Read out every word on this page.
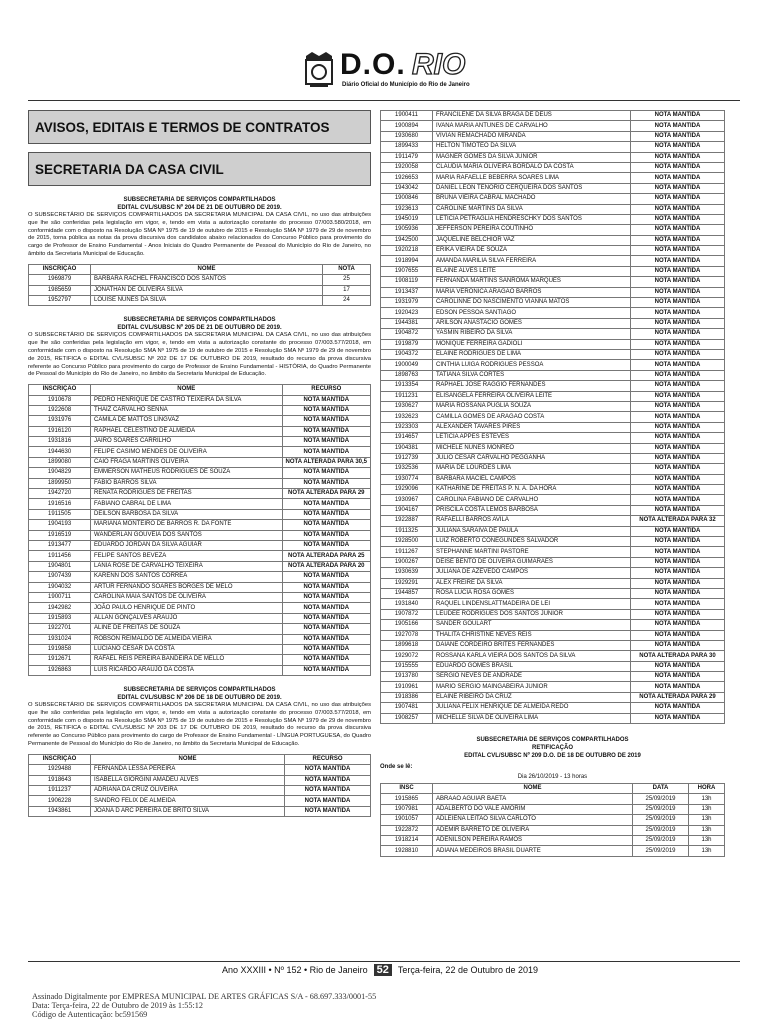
D.O. RIO
Diário Oficial do Município do Rio de Janeiro
AVISOS, EDITAIS E TERMOS DE CONTRATOS
SECRETARIA DA CASA CIVIL
SUBSECRETARIA DE SERVIÇOS COMPARTILHADOS
EDITAL CVL/SUBSC Nº 204 DE 21 DE OUTUBRO DE 2019.
O SUBSECRETÁRIO DE SERVIÇOS COMPARTILHADOS DA SECRETARIA MUNICIPAL DA CASA CIVIL, no uso das atribuições que lhe são conferidas pela legislação em vigor, e, tendo em vista a autorização constante do processo 07/003.580/2018, em conformidade com o disposto na Resolução SMA Nº 1975 de 19 de outubro de 2015 e Resolução SMA Nº 1979 de 29 de novembro de 2015, torna pública as notas da prova discursiva dos candidatos abaixo relacionados do Concurso Público para provimento do cargo de Professor de Ensino Fundamental - Anos Iniciais do Quadro Permanente de Pessoal do Município do Rio de Janeiro, no âmbito da Secretaria Municipal de Educação.
INSCRIÇÃO	NOME	NOTA
1969879	BARBARA RACHEL FRANCISCO DOS SANTOS	25
1985659	JONATHAN DE OLIVEIRA SILVA	17
1952797	LOUISE NUNES DA SILVA	24
SUBSECRETARIA DE SERVIÇOS COMPARTILHADOS
EDITAL CVL/SUBSC Nº 205 DE 21 DE OUTUBRO DE 2019.
O SUBSECRETÁRIO DE SERVIÇOS COMPARTILHADOS DA SECRETARIA MUNICIPAL DA CASA CIVIL, no uso das atribuições que lhe são conferidas pela legislação em vigor, e, tendo em vista a autorização constante do processo 07/003.577/2018, em conformidade com o disposto na Resolução SMA Nº 1975 de 19 de outubro de 2015 e Resolução SMA Nº 1979 de 29 de novembro de 2015, RETIFICA o EDITAL CVL/SUBSC Nº 202 DE 17 DE OUTUBRO DE 2019, resultado do recurso da prova discursiva referente ao Concurso Público para provimento do cargo de Professor de Ensino Fundamental - HISTÓRIA, do Quadro Permanente de Pessoal do Município do Rio de Janeiro, no âmbito da Secretaria Municipal de Educação.
INSCRIÇÃO	NOME	RECURSO
1910678	PEDRO HENRIQUE DE CASTRO TEIXEIRA DA SILVA	NOTA MANTIDA
1922608	THAIZ CARVALHO SENNA	NOTA MANTIDA
1931976	CAMILA DE MATTOS LINGVAZ	NOTA MANTIDA
1916120	RAPHAEL CELESTINO DE ALMEIDA	NOTA MANTIDA
1931816	JAIRO SOARES CARRILHO	NOTA MANTIDA
1944630	FELIPE CASIMO MENDES DE OLIVEIRA	NOTA MANTIDA
1899080	CAIO FRAGA MARTINS OLIVEIRA	NOTA ALTERADA PARA 30,5
1904829	EMMERSON MATHEUS RODRIGUES DE SOUZA	NOTA MANTIDA
1899950	FABIO BARROS SILVA	NOTA MANTIDA
1942720	RENATA RODRIGUES DE FREITAS	NOTA ALTERADA PARA 29
1916516	FABIANO CABRAL DE LIMA	NOTA MANTIDA
1911505	DEILSON BARBOSA DA SILVA	NOTA MANTIDA
1904193	MARIANA MONTEIRO DE BARROS R. DA FONTE	NOTA MANTIDA
1916519	WANDERLAN GOUVEIA DOS SANTOS	NOTA MANTIDA
1913477	EDUARDO JORDAN DA SILVA AGUIAR	NOTA MANTIDA
1911456	FELIPE SANTOS BEVEZA	NOTA ALTERADA PARA 25
1904801	LANIA ROSE DE CARVALHO TEIXEIRA	NOTA ALTERADA PARA 20
1907439	KARENN DOS SANTOS CORREA	NOTA MANTIDA
1904032	ARTUR FERNANDO SOARES BORGES DE MELO	NOTA MANTIDA
1900711	CAROLINA MAIA SANTOS DE OLIVEIRA	NOTA MANTIDA
1942982	JOÃO PAULO HENRIQUE DE PINTO	NOTA MANTIDA
1915893	ALLAN GONÇALVES ARAUJO	NOTA MANTIDA
1922701	ALINE DE FREITAS DE SOUZA	NOTA MANTIDA
1931024	ROBSON REIMALDO DE ALMEIDA VIEIRA	NOTA MANTIDA
1919858	LUCIANO CESAR DA COSTA	NOTA MANTIDA
1912671	RAFAEL REIS PEREIRA BANDEIRA DE MELLO	NOTA MANTIDA
1926863	LUIS RICARDO ARAUJO DA COSTA	NOTA MANTIDA
SUBSECRETARIA DE SERVIÇOS COMPARTILHADOS
EDITAL CVL/SUBSC Nº 206 DE 18 DE OUTUBRO DE 2019.
O SUBSECRETÁRIO DE SERVIÇOS COMPARTILHADOS DA SECRETARIA MUNICIPAL DA CASA CIVIL, no uso das atribuições que lhe são conferidas pela legislação em vigor, e, tendo em vista a autorização constante do processo 07/003.577/2018, em conformidade com o disposto na Resolução SMA Nº 1975 de 19 de outubro de 2015 e Resolução SMA Nº 1979 de 29 de novembro de 2015, RETIFICA o EDITAL CVL/SUBSC Nº 203 DE 17 DE OUTUBRO DE 2019, resultado do recurso da prova discursiva referente ao Concurso Público para provimento do cargo de Professor de Ensino Fundamental - LÍNGUA PORTUGUESA, do Quadro Permanente de Pessoal do Município do Rio de Janeiro, no âmbito da Secretaria Municipal de Educação.
INSCRIÇÃO	NOME	RECURSO
1929488	FERNANDA LESSA PEREIRA	NOTA MANTIDA
1918643	ISABELLA GIORGINI AMADEU ALVES	NOTA MANTIDA
1911237	ADRIANA DA CRUZ OLIVEIRA	NOTA MANTIDA
1906228	SANDRO FELIX DE ALMEIDA	NOTA MANTIDA
1943861	JOANA D ARC PEREIRA DE BRITO SILVA	NOTA MANTIDA
1900411	FRANCILENE DA SILVA BRAGA DE DEUS	NOTA MANTIDA
1900894	IVANA MARIA ANTUNES DE CARVALHO	NOTA MANTIDA
1930680	VIVIAN REMACHADO MIRANDA	NOTA MANTIDA
1899433	HELTON TIMOTEO DA SILVA	NOTA MANTIDA
1911479	MAGNER GOMES DA SILVA JUNIOR	NOTA MANTIDA
1920058	CLAUDIA MARIA OLIVEIRA BORDALO DA COSTA	NOTA MANTIDA
1926653	MARIA RAFAELLE BEBERRA SOARES LIMA	NOTA MANTIDA
1943042	DANIEL LEON TENORIO CERQUEIRA DOS SANTOS	NOTA MANTIDA
1900846	BRUNA VIEIRA CABRAL MACHADO	NOTA MANTIDA
1923613	CAROLINE MARTINS DA SILVA	NOTA MANTIDA
1945019	LETICIA PETRAGLIA HENDRESCHKY DOS SANTOS	NOTA MANTIDA
1905936	JEFFERSON PEREIRA COUTINHO	NOTA MANTIDA
1942500	JAQUELINE BELCHIOR VAZ	NOTA MANTIDA
1920218	ERIKA VIEIRA DE SOUZA	NOTA MANTIDA
1918994	AMANDA MARILIA SILVA FERREIRA	NOTA MANTIDA
1907655	ELAINE ALVES LEITE	NOTA MANTIDA
1908119	FERNANDA MARTINS SANROMA MARQUES	NOTA MANTIDA
1913437	MARIA VERONICA ARAGAO BARROS	NOTA MANTIDA
1931979	CAROLINNE DO NASCIMENTO VIANNA MATOS	NOTA MANTIDA
1920423	EDSON PESSOA SANTIAGO	NOTA MANTIDA
1944381	ARILSON ANASTACIO GOMES	NOTA MANTIDA
1904872	YASMIN RIBEIRO DA SILVA	NOTA MANTIDA
1919879	MONIQUE FERREIRA GADIOLI	NOTA MANTIDA
1904372	ELAINE RODRIGUES DE LIMA	NOTA MANTIDA
1900049	CINTHIA LUIGA RODRIGUES PESSOA	NOTA MANTIDA
1898763	TATIANA SILVA CORTES	NOTA MANTIDA
1913354	RAPHAEL JOSE RAGGIO FERNANDES	NOTA MANTIDA
1911231	ELISANGELA FERREIRA OLIVEIRA LEITE	NOTA MANTIDA
1930627	MARIA ROSSANA PUGLIA SOUZA	NOTA MANTIDA
1932623	CAMILLA GOMES DE ARAGAO COSTA	NOTA MANTIDA
1923303	ALEXANDER TAVARES PIRES	NOTA MANTIDA
1914657	LETICIA APPES ESTEVES	NOTA MANTIDA
1904381	MICHELE NUNES MONREO	NOTA MANTIDA
1912739	JULIO CESAR CARVALHO PEGGANHA	NOTA MANTIDA
1932536	MARIA DE LOURDES LIMA	NOTA MANTIDA
1930774	BARBARA MACIEL CAMPOS	NOTA MANTIDA
1929096	KATHARINE DE FREITAS P. N. A. DA HORA	NOTA MANTIDA
1930967	CAROLINA FABIANO DE CARVALHO	NOTA MANTIDA
1904167	PRISCILA COSTA LEMOS BARBOSA	NOTA MANTIDA
1922887	RAFAELLI BARROS AVILA	NOTA ALTERADA PARA 32
1911325	JULIANA SARAIVA DE PAULA	NOTA MANTIDA
1928500	LUIZ ROBERTO CONEGUNDES SALVADOR	NOTA MANTIDA
1911267	STEPHANNE MARTINI PASTORE	NOTA MANTIDA
1900267	DEISE BENTO DE OLIVEIRA GUIMARAES	NOTA MANTIDA
1930639	JULIANA DE AZEVEDO CAMPOS	NOTA MANTIDA
1929291	ALEX FREIRE DA SILVA	NOTA MANTIDA
1944857	ROSA LUCIA ROSA GOMES	NOTA MANTIDA
1931840	RAQUEL LINDENSLATTMADEIRA DE LEI	NOTA MANTIDA
1907872	LEUDEE RODRIGUES DOS SANTOS JUNIOR	NOTA MANTIDA
1905166	SANDER GOULART	NOTA MANTIDA
1927078	THALITA CHRISTINE NEVES REIS	NOTA MANTIDA
1899618	DAIANE CORDEIRO BRITES FERNANDES	NOTA MANTIDA
1929072	ROSSANA KARLA VIEIRA DOS SANTOS DA SILVA	NOTA ALTERADA PARA 30
1915555	EDUARDO GOMES BRASIL	NOTA MANTIDA
1913780	SERGIO NEVES DE ANDRADE	NOTA MANTIDA
1910961	MARIO SERGIO MAINGABEIRA JUNIOR	NOTA MANTIDA
1918386	ELAINE RIBEIRO DA CRUZ	NOTA ALTERADA PARA 29
1907481	JULIANA FELIX HENRIQUE DE ALMEIDA REDO	NOTA MANTIDA
1908257	MICHELLE SILVA DE OLIVEIRA LIMA	NOTA MANTIDA
SUBSECRETARIA DE SERVIÇOS COMPARTILHADOS
RETIFICAÇÃO
EDITAL CVL/SUBSC Nº 209 D.O. DE 18 DE OUTUBRO DE 2019
Onde se lê:
Dia 26/10/2019 - 13 horas
INSC	NOME	DATA	HORA
1915865	ABRAAO AGUIAR BAETA	25/09/2019	13h
1907981	ADALBERTO DO VALE AMORIM	25/09/2019	13h
1901057	ADLEIENA LEITAO SILVA CARLOTO	25/09/2019	13h
1922872	ADEMIR BARRETO DE OLIVEIRA	25/09/2019	13h
1918214	ADENILSON PEREIRA RAMOS	25/09/2019	13h
1928810	ADIANA MEDEIROS BRASIL DUARTE	25/09/2019	13h
Ano XXXIII • Nº 152 • Rio de Janeiro 52	Terça-feira, 22 de Outubro de 2019
Assinado Digitalmente por EMPRESA MUNICIPAL DE ARTES GRÁFICAS S/A - 68.697.333/0001-55
Data: Terça-feira, 22 de Outubro de 2019 às 1:55:12
Código de Autenticação: bc591569
